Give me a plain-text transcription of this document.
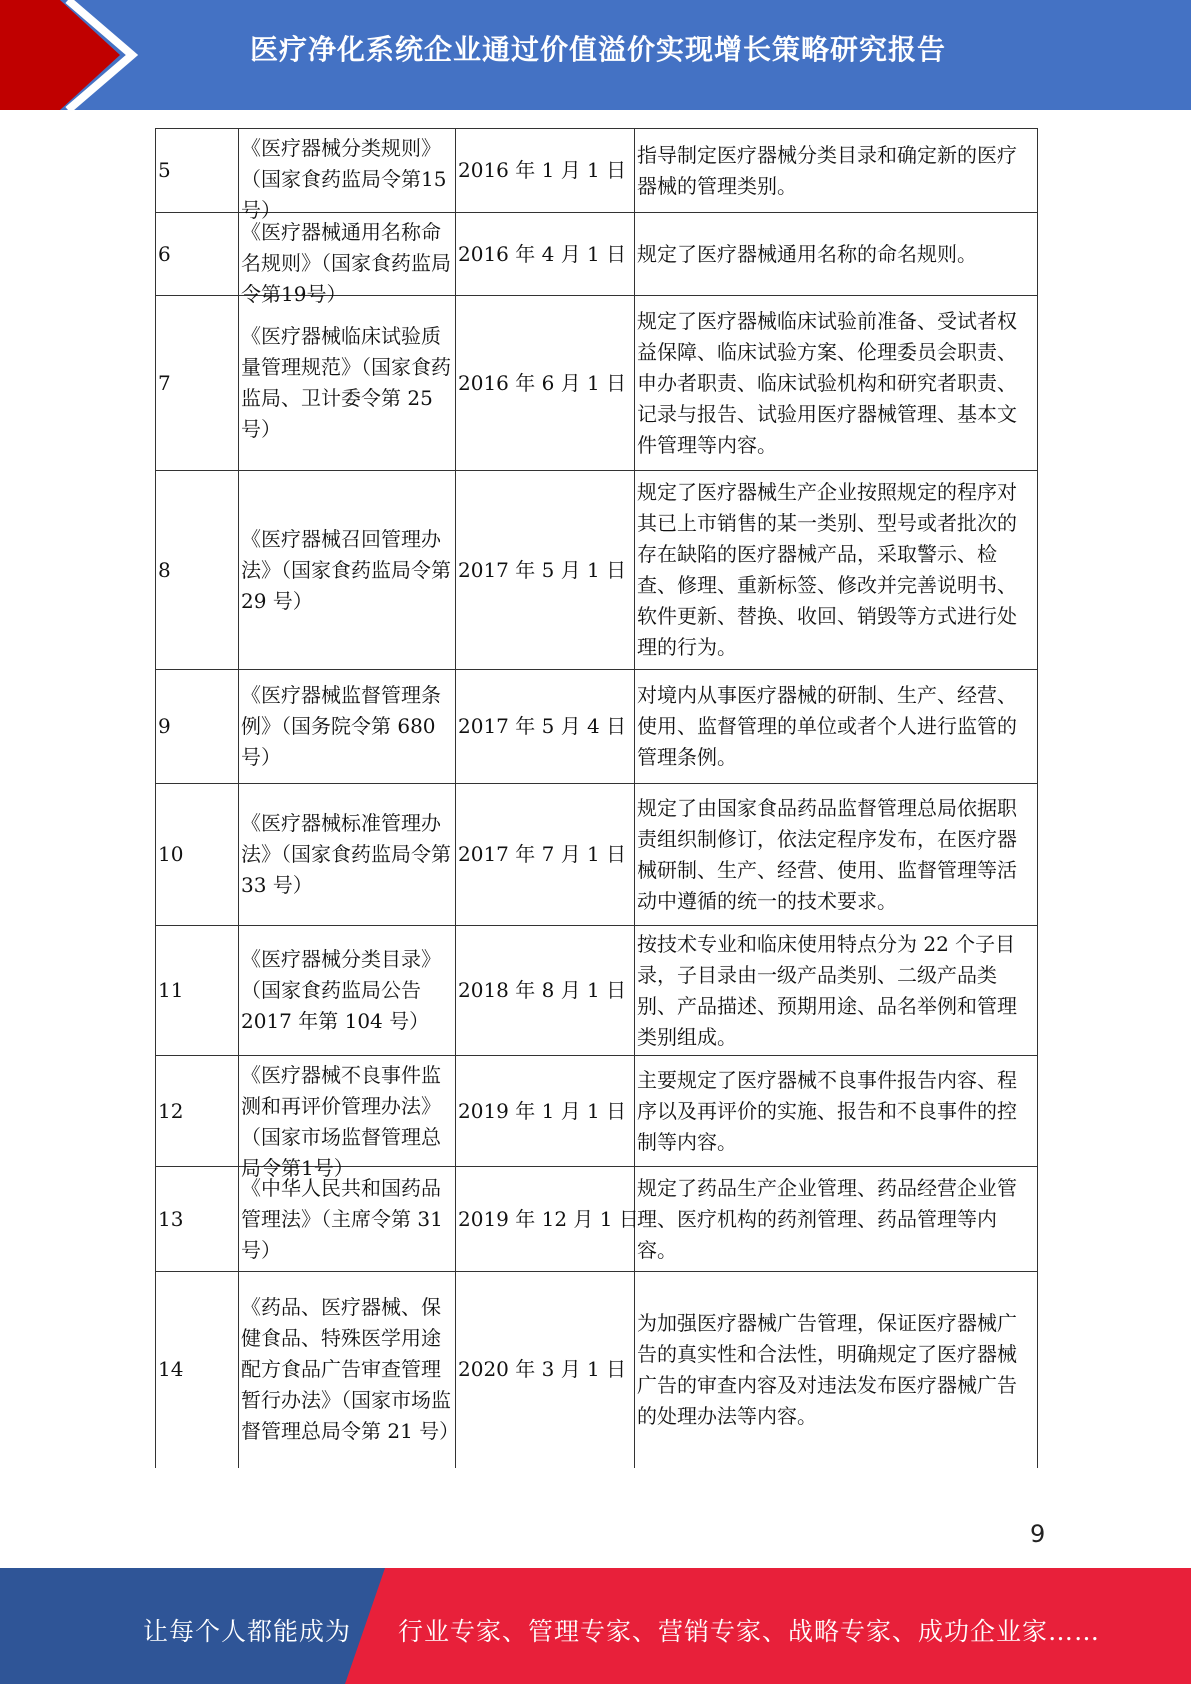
医疗净化系统企业通过价值溢价实现增长策略研究报告
5	《医疗器械分类规则》（国家食药监局令第15号）	2016 年 1 月 1 日	指导制定医疗器械分类目录和确定新的医疗器械的管理类别。
6	《医疗器械通用名称命名规则》（国家食药监局令第19号）	2016 年 4 月 1 日	规定了医疗器械通用名称的命名规则。
7	《医疗器械临床试验质量管理规范》（国家食药监局、卫计委令第 25 号）	2016 年 6 月 1 日	规定了医疗器械临床试验前准备、受试者权益保障、临床试验方案、伦理委员会职责、申办者职责、临床试验机构和研究者职责、记录与报告、试验用医疗器械管理、基本文件管理等内容。
8	《医疗器械召回管理办法》（国家食药监局令第 29 号）	2017 年 5 月 1 日	规定了医疗器械生产企业按照规定的程序对其已上市销售的某一类别、型号或者批次的存在缺陷的医疗器械产品，采取警示、检查、修理、重新标签、修改并完善说明书、软件更新、替换、收回、销毁等方式进行处理的行为。
9	《医疗器械监督管理条例》（国务院令第 680 号）	2017 年 5 月 4 日	对境内从事医疗器械的研制、生产、经营、使用、监督管理的单位或者个人进行监管的管理条例。
10	《医疗器械标准管理办法》（国家食药监局令第 33 号）	2017 年 7 月 1 日	规定了由国家食品药品监督管理总局依据职责组织制修订，依法定程序发布，在医疗器械研制、生产、经营、使用、监督管理等活动中遵循的统一的技术要求。
11	《医疗器械分类目录》（国家食药监局公告 2017 年第 104 号）	2018 年 8 月 1 日	按技术专业和临床使用特点分为 22 个子目录，子目录由一级产品类别、二级产品类别、产品描述、预期用途、品名举例和管理类别组成。
12	《医疗器械不良事件监测和再评价管理办法》（国家市场监督管理总局令第1号）	2019 年 1 月 1 日	主要规定了医疗器械不良事件报告内容、程序以及再评价的实施、报告和不良事件的控制等内容。
13	《中华人民共和国药品管理法》（主席令第 31 号）	2019 年 12 月 1 日	规定了药品生产企业管理、药品经营企业管理、医疗机构的药剂管理、药品管理等内容。
14	《药品、医疗器械、保健食品、特殊医学用途配方食品广告审查管理暂行办法》（国家市场监督管理总局令第 21 号）	2020 年 3 月 1 日	为加强医疗器械广告管理，保证医疗器械广告的真实性和合法性，明确规定了医疗器械广告的审查内容及对违法发布医疗器械广告的处理办法等内容。
9
让每个人都能成为 行业专家、管理专家、营销专家、战略专家、成功企业家……
